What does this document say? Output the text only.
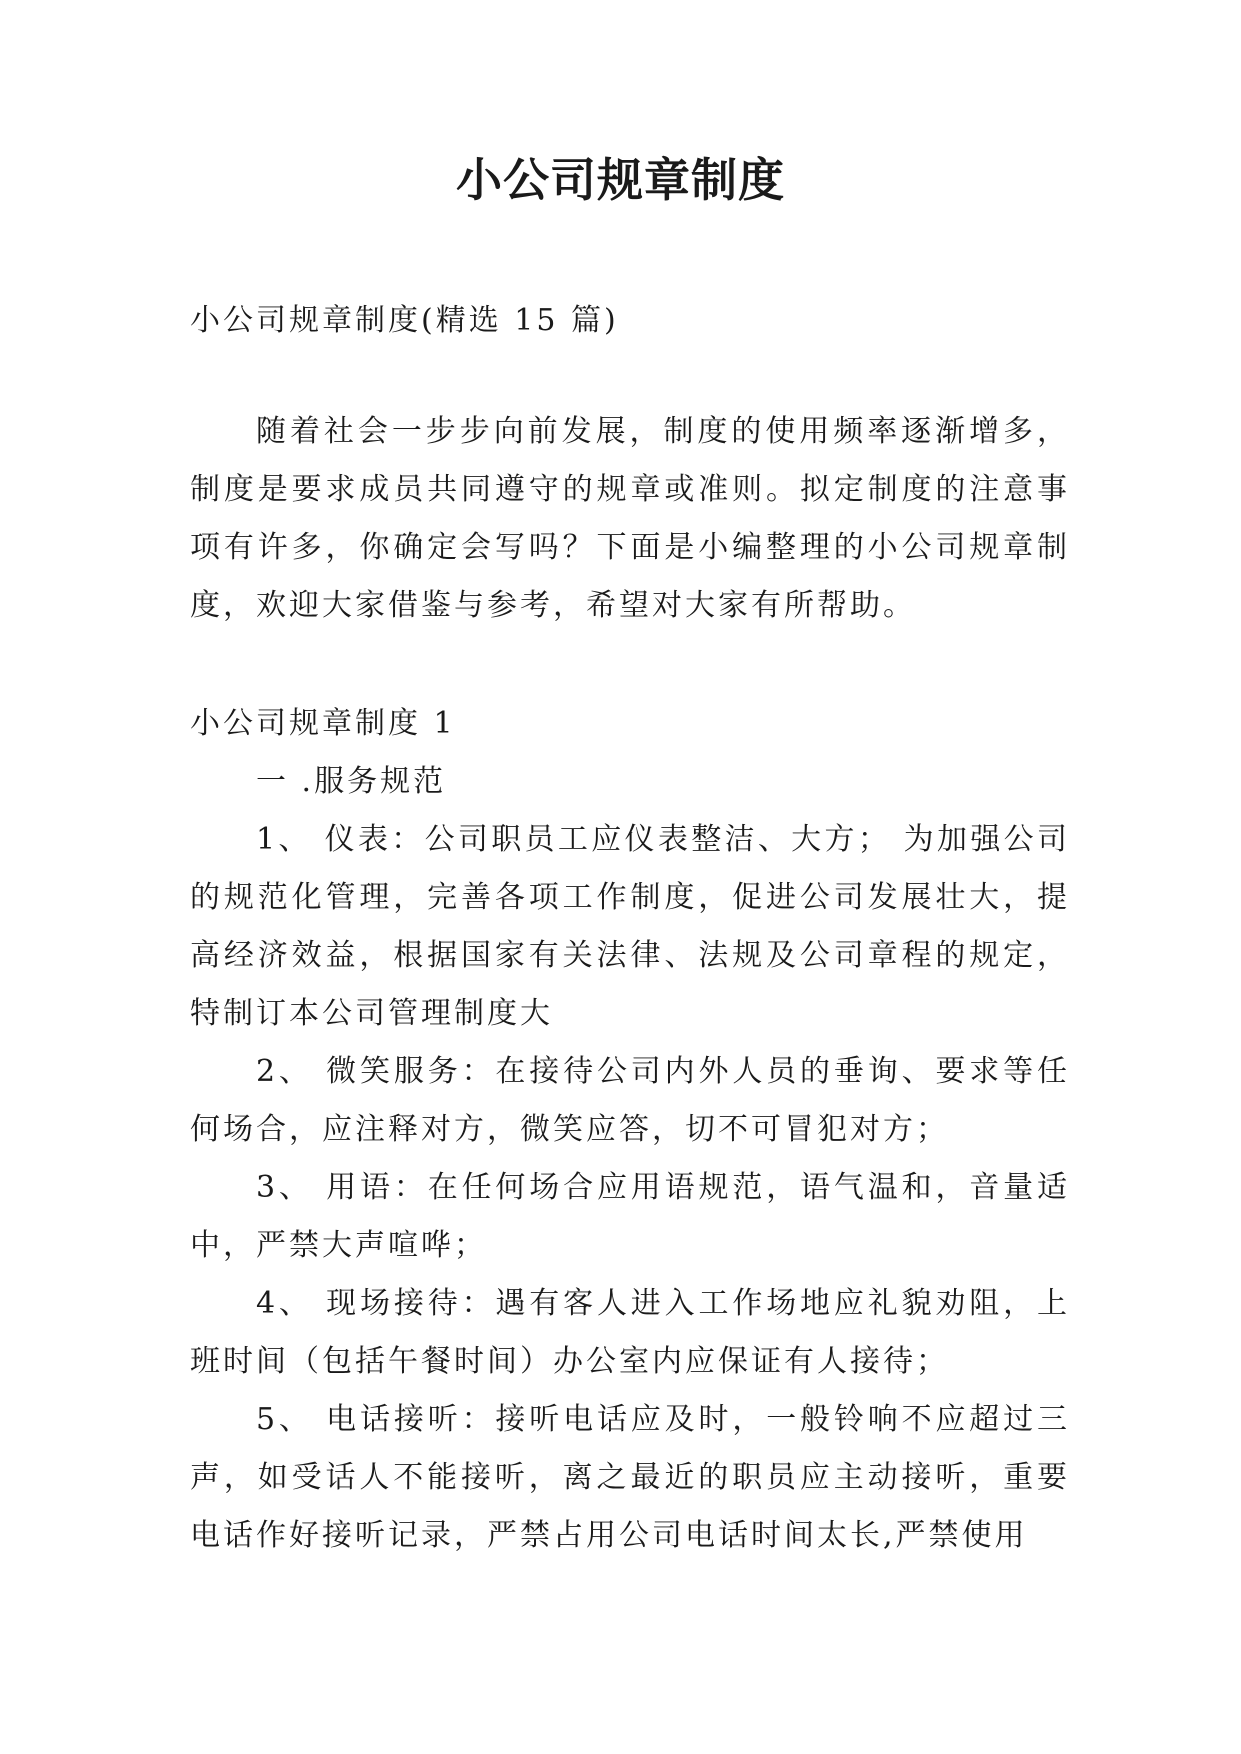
小公司规章制度

小公司规章制度(精选 15 篇)

随着社会一步步向前发展，制度的使用频率逐渐增多，制度是要求成员共同遵守的规章或准则。拟定制度的注意事项有许多，你确定会写吗？下面是小编整理的小公司规章制度，欢迎大家借鉴与参考，希望对大家有所帮助。

小公司规章制度 1

一 .服务规范

1、 仪表：公司职员工应仪表整洁、大方； 为加强公司的规范化管理，完善各项工作制度，促进公司发展壮大，提高经济效益，根据国家有关法律、法规及公司章程的规定，特制订本公司管理制度大

2、 微笑服务：在接待公司内外人员的垂询、要求等任何场合，应注释对方，微笑应答，切不可冒犯对方；

3、 用语：在任何场合应用语规范，语气温和，音量适中，严禁大声喧哗；

4、 现场接待：遇有客人进入工作场地应礼貌劝阻，上班时间（包括午餐时间）办公室内应保证有人接待；

5、 电话接听：接听电话应及时，一般铃响不应超过三声，如受话人不能接听，离之最近的职员应主动接听，重要电话作好接听记录，严禁占用公司电话时间太长,严禁使用
